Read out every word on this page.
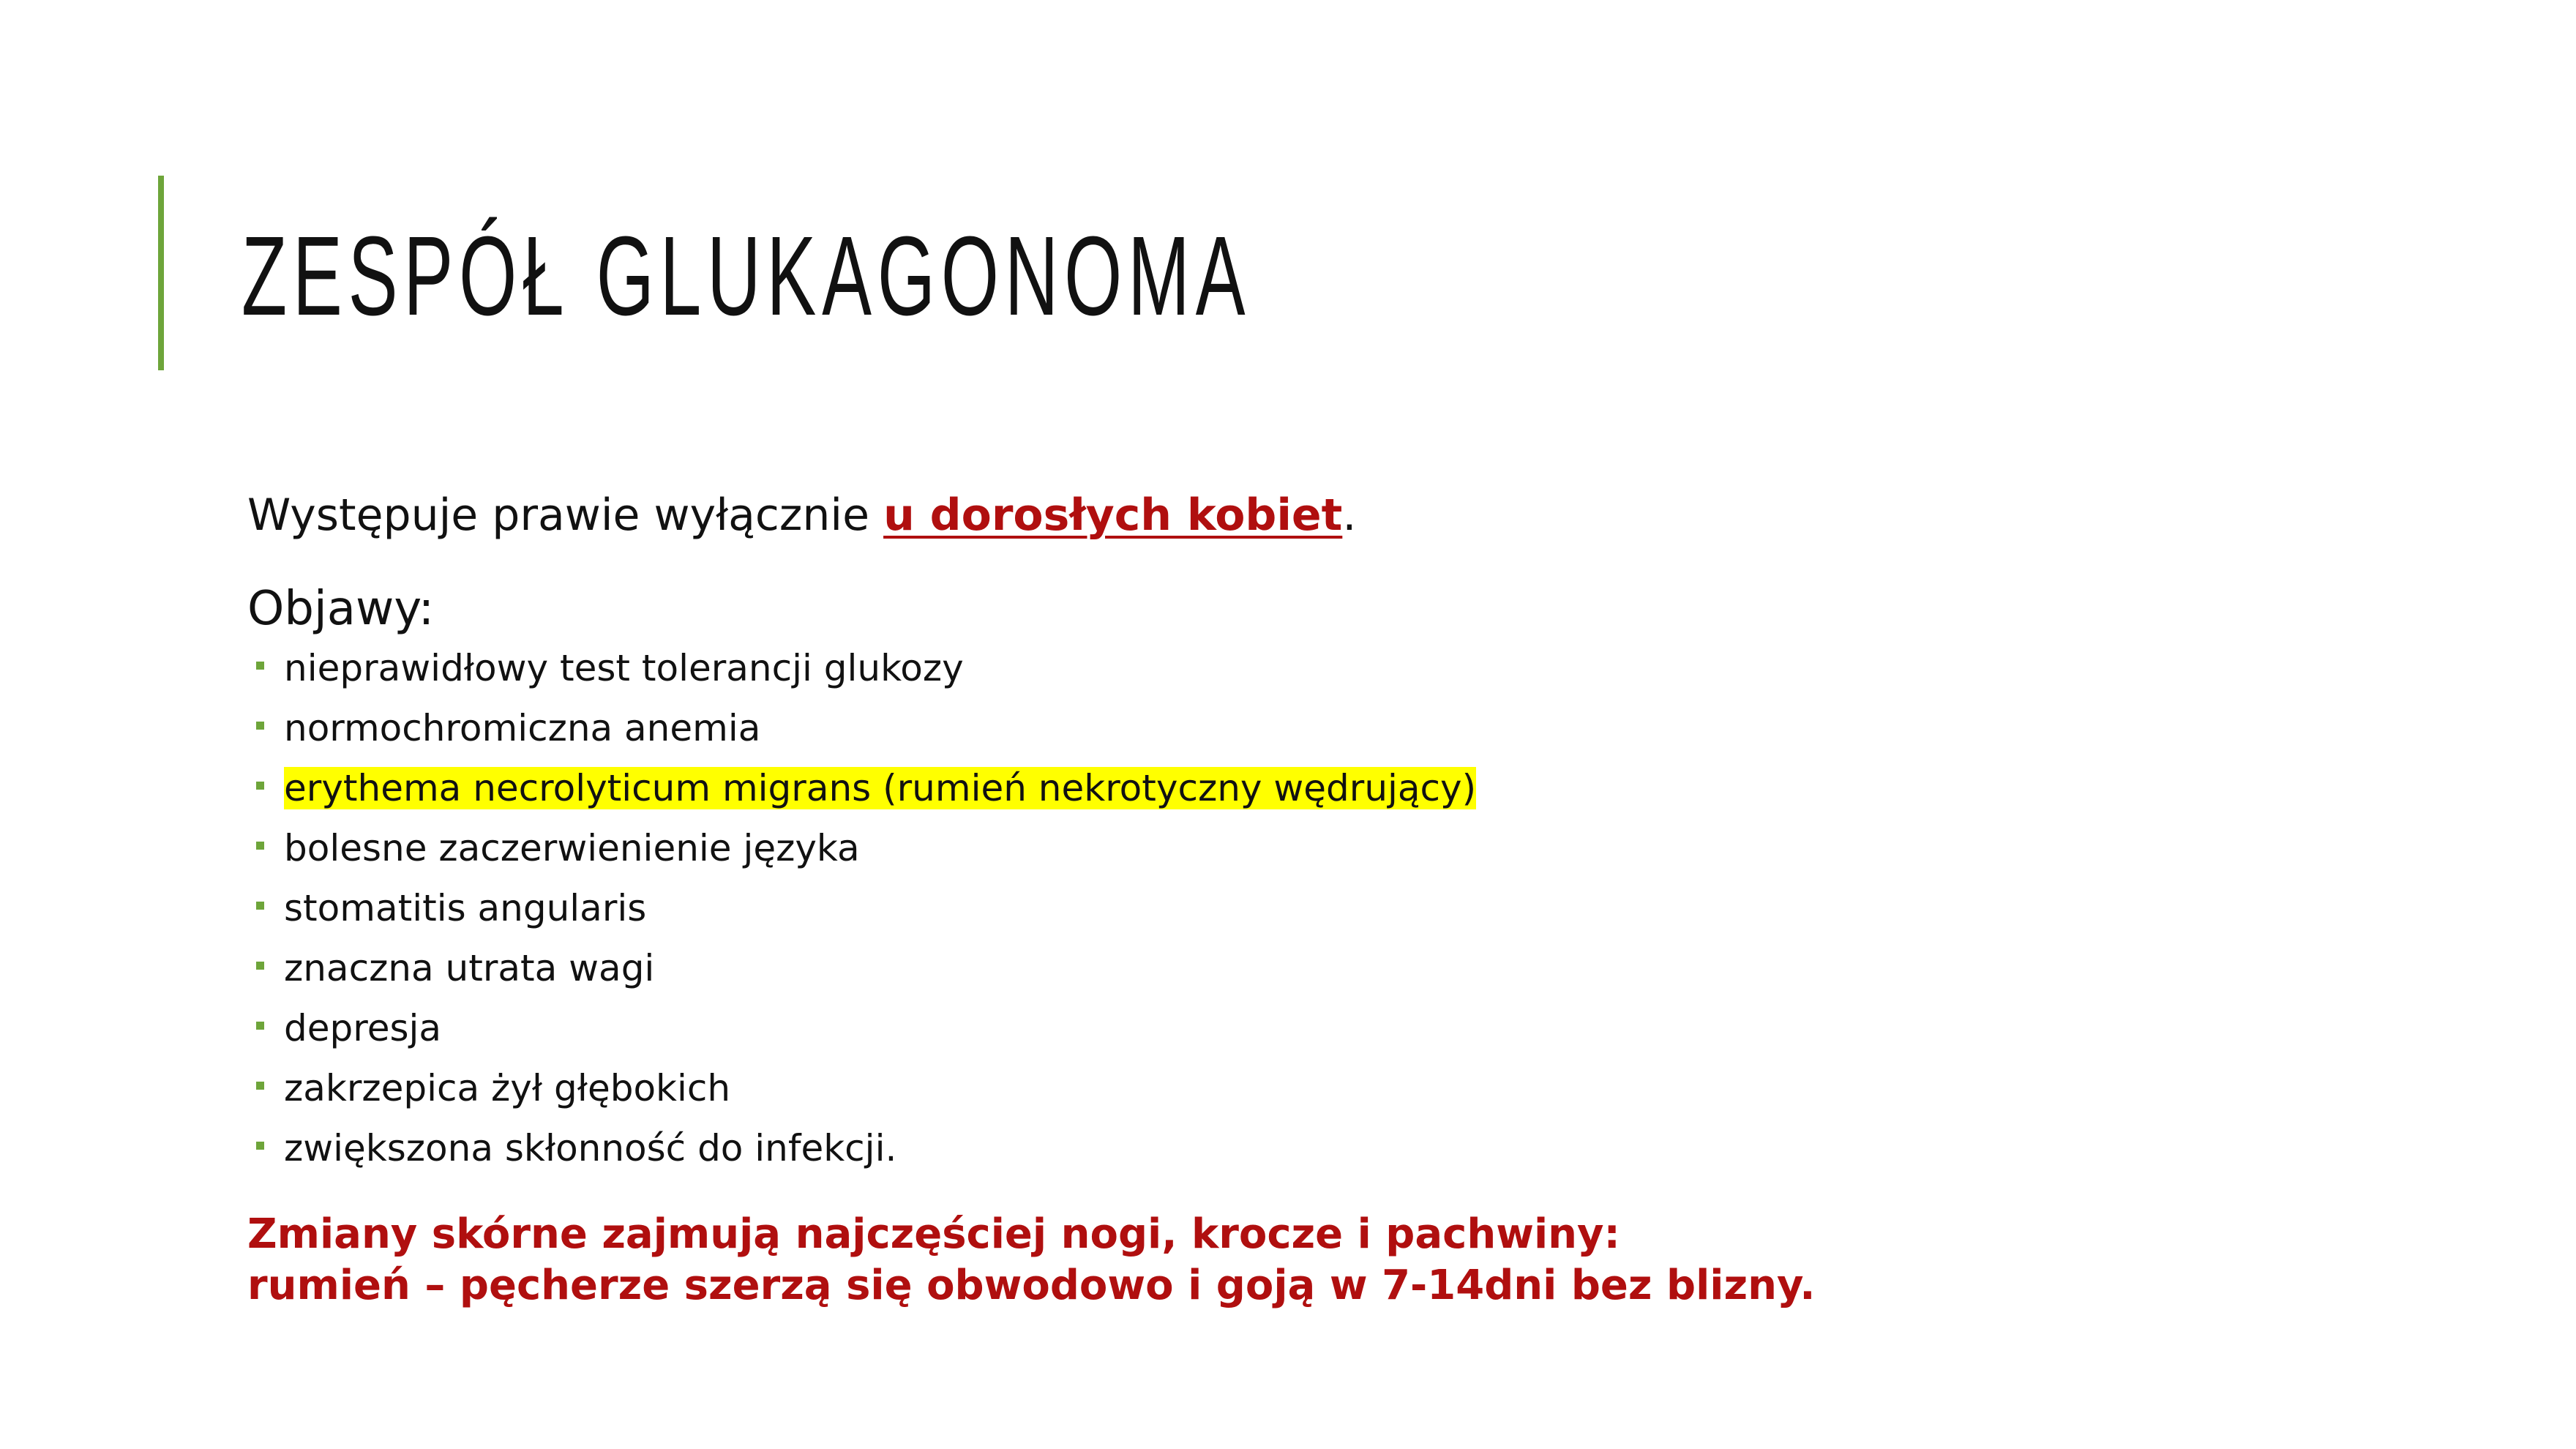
ZESPÓŁ GLUKAGONOMA
Występuje prawie wyłącznie u dorosłych kobiet.
Objawy:
nieprawidłowy test tolerancji glukozy
normochromiczna anemia
erythema necrolyticum migrans (rumień nekrotyczny wędrujący)
bolesne zaczerwienienie języka
stomatitis angularis
znaczna utrata wagi
depresja
zakrzepica żył głębokich
zwiększona skłonność do infekcji.
Zmiany skórne zajmują najczęściej nogi, krocze i pachwiny:
rumień – pęcherze szerzą się obwodowo i goją w 7-14dni bez blizny.
